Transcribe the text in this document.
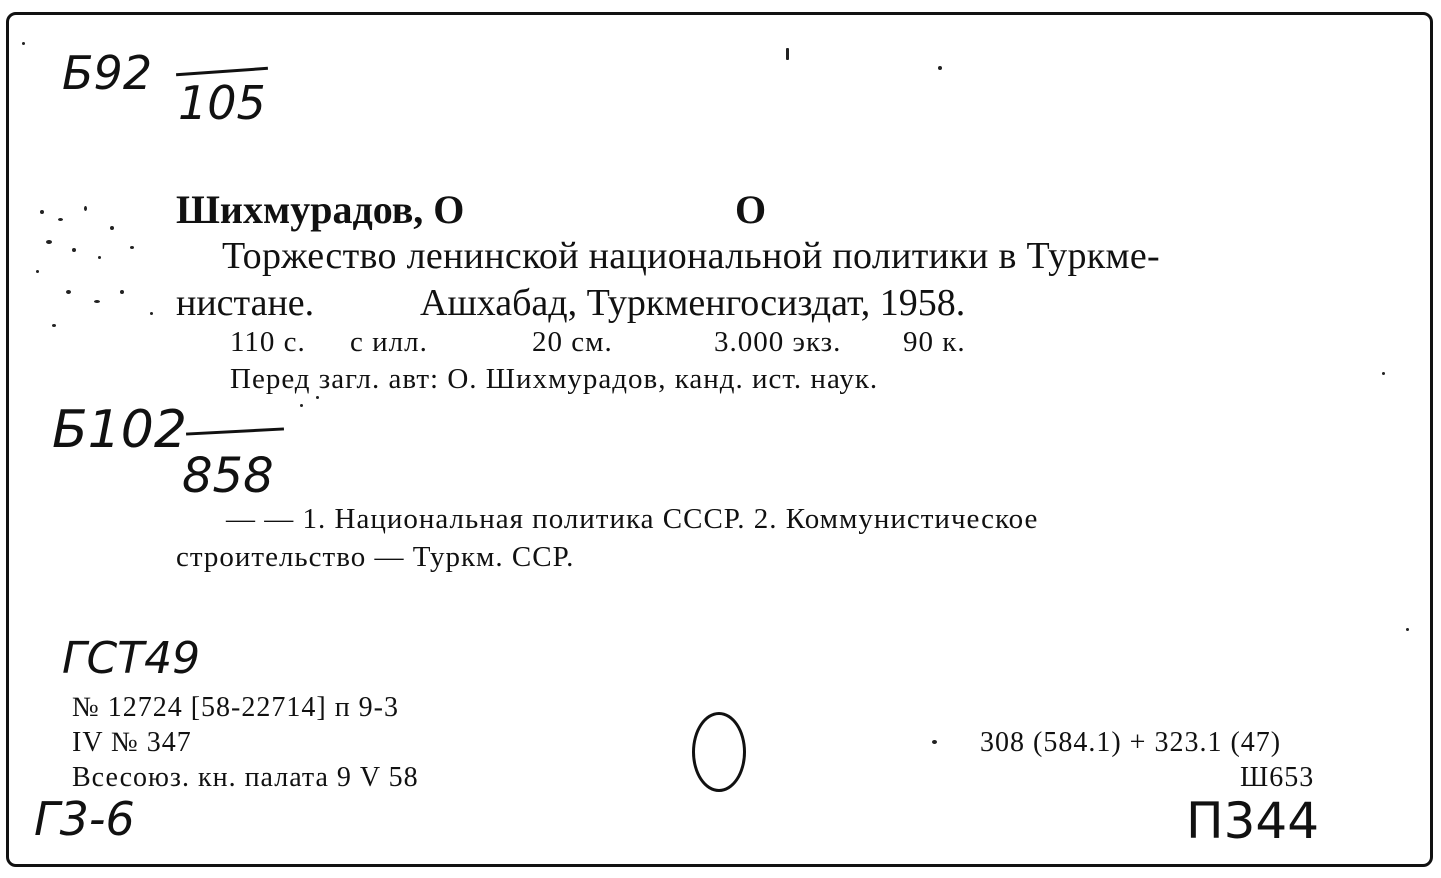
Б92
105
Шихмурадов, О	О
Торжество ленинской национальной политики в Туркме-
нистане.	Ашхабад, Туркменгосиздат, 1958.
110 с. с илл.	20 см.	3.000 экз. 90 к.
Перед загл. авт: О. Шихмурадов, канд. ист. наук.
Б102
858
— — 1. Национальная политика СССР. 2. Коммунистическое
строительство — Туркм. ССР.
ГСТ49
№ 12724 [58-22714] п 9-3
IV № 347
Всесоюз. кн. палата 9 V 58
308 (584.1) + 323.1 (47)
Ш653
Г3-6	П344
